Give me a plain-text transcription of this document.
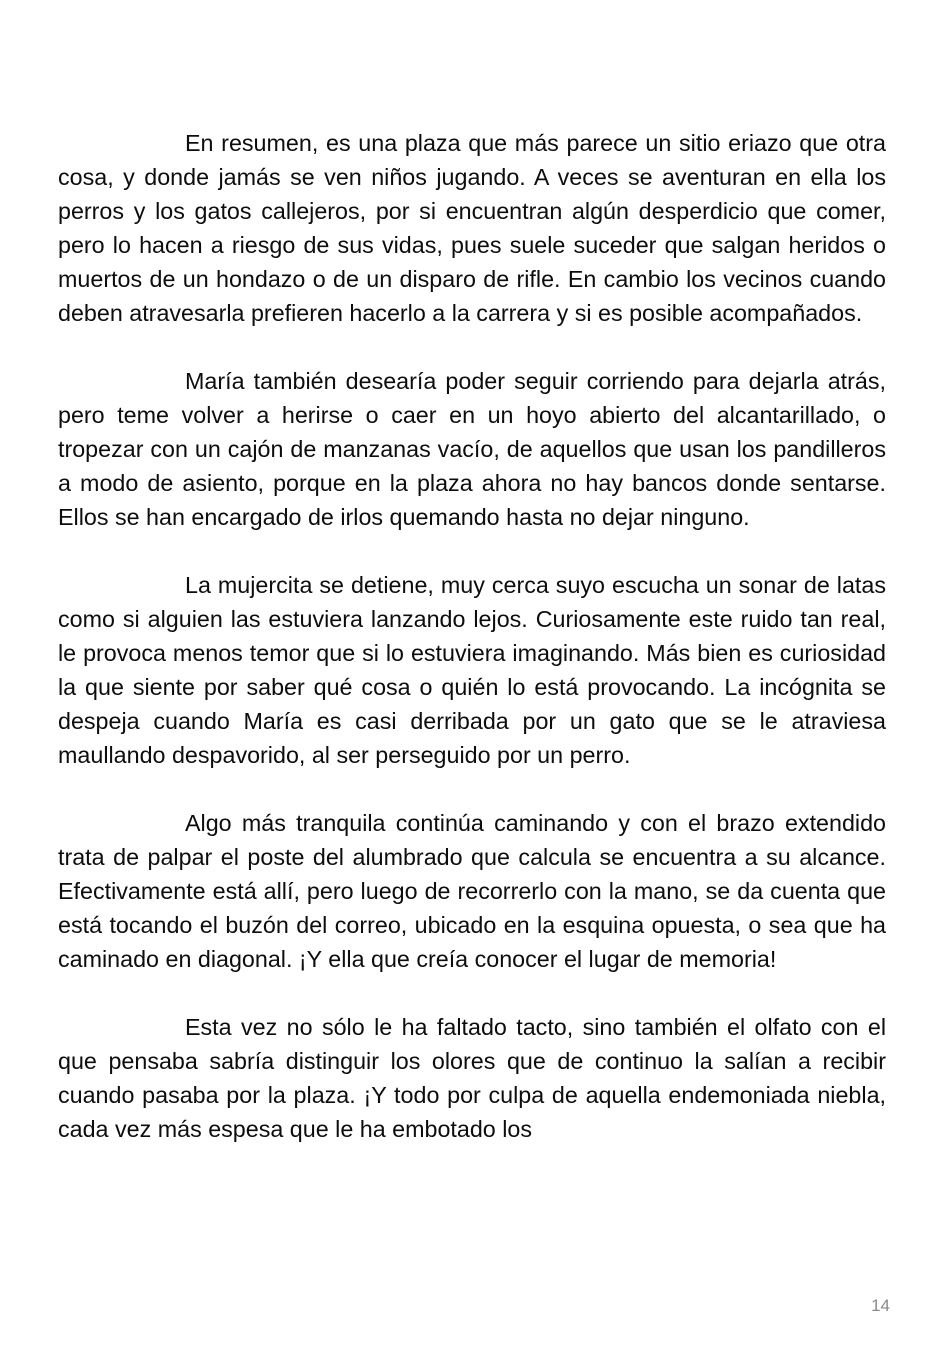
En resumen, es una plaza que más parece un sitio eriazo que otra cosa, y donde jamás se ven niños jugando. A veces se aventuran en ella los perros y los gatos callejeros, por si encuentran algún desperdicio que comer, pero lo hacen a riesgo de sus vidas, pues suele suceder que salgan heridos o muertos de un hondazo o de un disparo de rifle. En cambio los vecinos cuando deben atravesarla prefieren hacerlo a la carrera y si es posible acompañados.

María también desearía poder seguir corriendo para dejarla atrás, pero teme volver a herirse o caer en un hoyo abierto del alcantarillado, o tropezar con un cajón de manzanas vacío, de aquellos que usan los pandilleros a modo de asiento, porque en la plaza ahora no hay bancos donde sentarse. Ellos se han encargado de irlos quemando hasta no dejar ninguno.

La mujercita se detiene, muy cerca suyo escucha un sonar de latas como si alguien las estuviera lanzando lejos. Curiosamente este ruido tan real, le provoca menos temor que si lo estuviera imaginando. Más bien es curiosidad la que siente por saber qué cosa o quién lo está provocando. La incógnita se despeja cuando María es casi derribada por un gato que se le atraviesa maullando despavorido, al ser perseguido por un perro.

Algo más tranquila continúa caminando y con el brazo extendido trata de palpar el poste del alumbrado que calcula se encuentra a su alcance. Efectivamente está allí, pero luego de recorrerlo con la mano, se da cuenta que está tocando el buzón del correo, ubicado en la esquina opuesta, o sea que ha caminado en diagonal. ¡Y ella que creía conocer el lugar de memoria!

Esta vez no sólo le ha faltado tacto, sino también el olfato con el que pensaba sabría distinguir los olores que de continuo la salían a recibir cuando pasaba por la plaza. ¡Y todo por culpa de aquella endemoniada niebla, cada vez más espesa que le ha embotado los

14
